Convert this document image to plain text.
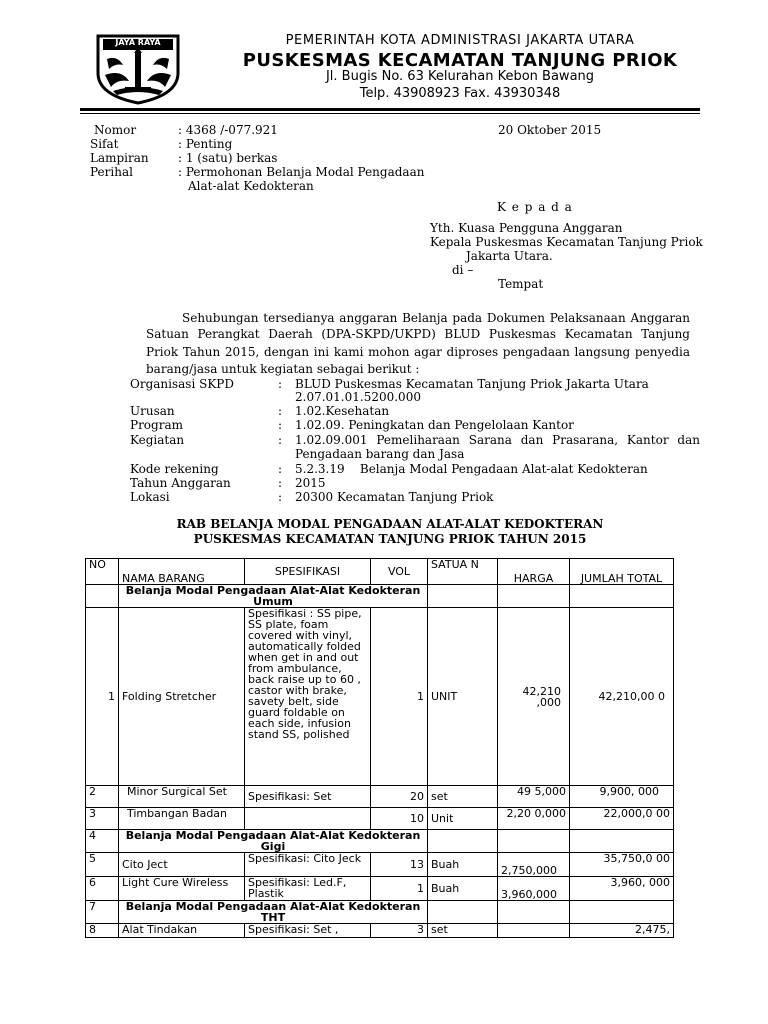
JAYA RAYA	PEMERINTAH KOTA ADMINISTRASI JAKARTA UTARA
PUSKESMAS KECAMATAN TANJUNG PRIOK
Jl. Bugis No. 63 Kelurahan Kebon Bawang
Telp. 43908923 Fax. 43930348
Nomor	: 4368 /-077.921	20 Oktober 2015
Sifat	: Penting
Lampiran : 1 (satu) berkas
Perihal	: Permohonan Belanja Modal Pengadaan
Alat-alat Kedokteran
K e p a d a
Yth. Kuasa Pengguna Anggaran
Kepala Puskesmas Kecamatan Tanjung Priok
Jakarta Utara.
di –
Tempat
Sehubungan tersedianya anggaran Belanja pada Dokumen Pelaksanaan Anggaran
Satuan Perangkat Daerah (DPA-SKPD/UKPD) BLUD Puskesmas Kecamatan Tanjung
Priok Tahun 2015, dengan ini kami mohon agar diproses pengadaan langsung penyedia
barang/jasa untuk kegiatan sebagai berikut :
Organisasi SKPD	: BLUD Puskesmas Kecamatan Tanjung Priok Jakarta Utara
2.07.01.01.5200.000
Urusan	: 1.02.Kesehatan
Program	: 1.02.09. Peningkatan dan Pengelolaan Kantor
Kegiatan	: 1.02.09.001 Pemeliharaan Sarana dan Prasarana, Kantor dan
Pengadaan barang dan Jasa
Kode rekening	: 5.2.3.19    Belanja Modal Pengadaan Alat-alat Kedokteran
Tahun Anggaran	: 2015
Lokasi	: 20300 Kecamatan Tanjung Priok
RAB BELANJA MODAL PENGADAAN ALAT-ALAT KEDOKTERAN
PUSKESMAS KECAMATAN TANJUNG PRIOK TAHUN 2015
NO	NAMA BARANG	SPESIFIKASI	VOL	SATUA N	HARGA	JUMLAH TOTAL
	Belanja Modal Pengadaan Alat-Alat Kedokteran Umum					
1	Folding Stretcher	Spesifikasi : SS pipe, SS plate, foam covered with vinyl, automatically folded when get in and out from ambulance, back raise up to 60 , castor with brake, savety belt, side guard foldable on each side, infusion stand SS, polished	1	UNIT	42,210 ,000	42,210,00 0
2	Minor Surgical Set	Spesifikasi: Set	20	set	49 5,000	9,900, 000
3	Timbangan Badan		10	Unit	2,20 0,000	22,000,0 00
4	Belanja Modal Pengadaan Alat-Alat Kedokteran Gigi					
5	Cito Ject	Spesifikasi: Cito Jeck	13	Buah	2,750,000	35,750,0 00
6	Light Cure Wireless	Spesifikasi: Led.F, Plastik	1	Buah	3,960,000	3,960, 000
7	Belanja Modal Pengadaan Alat-Alat Kedokteran THT					
8	Alat Tindakan	Spesifikasi: Set ,	3	set		2,475,
